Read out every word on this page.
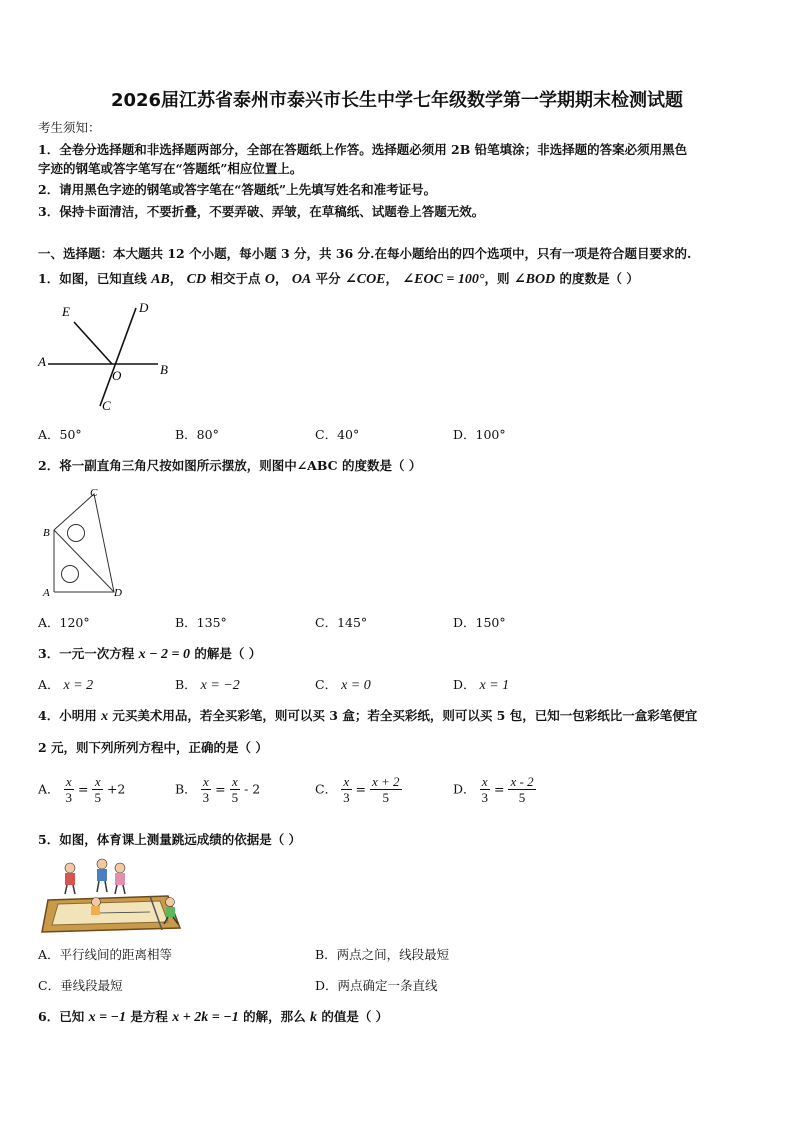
2026届江苏省泰州市泰兴市长生中学七年级数学第一学期期末检测试题
考生须知：
1．全卷分选择题和非选择题两部分，全部在答题纸上作答。选择题必须用 2B 铅笔填涂；非选择题的答案必须用黑色
字迹的钢笔或答字笔写在“答题纸”相应位置上。
2．请用黑色字迹的钢笔或答字笔在“答题纸”上先填写姓名和准考证号。
3．保持卡面清洁，不要折叠，不要弄破、弄皱，在草稿纸、试题卷上答题无效。
一、选择题：本大题共 12 个小题，每小题 3 分，共 36 分.在每小题给出的四个选项中，只有一项是符合题目要求的.
1．如图，已知直线 AB， CD 相交于点 O， OA 平分 ∠COE， ∠EOC = 100°，则 ∠BOD 的度数是（ ）
E	D
A
O	B
C
A．50°	B．80°	C．40°	D．100°
2．将一副直角三角尺按如图所示摆放，则图中∠ABC 的度数是（ ）
C
B
A	D
A．120°	B．135°	C．145°	D．150°
3．一元一次方程 x − 2 = 0 的解是（ ）
A． x = 2	B． x = −2	C． x = 0	D． x = 1
4．小明用 x 元买美术用品，若全买彩笔，则可以买 3 盒；若全买彩纸，则可以买 5 包，已知一包彩纸比一盒彩笔便宜
2 元，则下列所列方程中，正确的是（ ）
A． $\frac{x}{3} = \frac{x}{5} +2$	B． $\frac{x}{3} = \frac{x}{5} - 2$	C． $\frac{x}{3} = \frac{x + 2}{5}$	D． $\frac{x}{3} = \frac{x - 2}{5}$
5．如图，体育课上测量跳远成绩的依据是（ ）
A．平行线间的距离相等	B．两点之间，线段最短
C．垂线段最短	D．两点确定一条直线
6．已知 x = −1 是方程 x + 2k = −1 的解，那么 k 的值是（ ）
